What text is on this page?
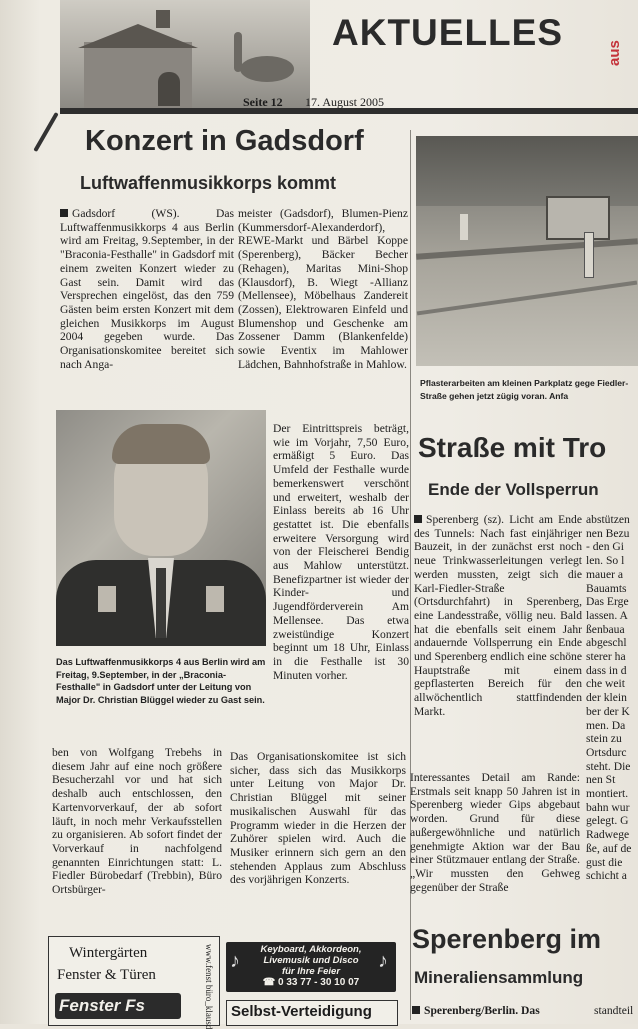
AKTUELLES
aus
Seite 12 17. August 2005
Konzert in Gadsdorf
Luftwaffenmusikkorps kommt
Gadsdorf (WS). Das Luftwaffenmusikkorps 4 aus Berlin wird am Freitag, 9.September, in der "Braconia-Festhalle" in Gadsdorf mit einem zweiten Konzert wieder zu Gast sein. Damit wird das Versprechen eingelöst, das den 759 Gästen beim ersten Konzert mit dem gleichen Musikkorps im August 2004 gegeben wurde. Das Organisationskomitee bereitet sich nach Anga-
meister (Gadsdorf), Blumen-Pienz (Kummersdorf-Alexanderdorf), REWE-Markt und Bärbel Koppe (Sperenberg), Bäcker Becher (Rehagen), Maritas Mini-Shop (Klausdorf), B. Wiegt -Allianz (Mellensee), Möbelhaus Zandereit (Zossen), Elektrowaren Einfeld und Blumenshop und Geschenke am Zossener Damm (Blankenfelde) sowie Eventix im Mahlower Lädchen, Bahnhofstraße in Mahlow.
Der Eintrittspreis beträgt, wie im Vorjahr, 7,50 Euro, ermäßigt 5 Euro. Das Umfeld der Festhalle wurde bemerkenswert verschönt und erweitert, weshalb der Einlass bereits ab 16 Uhr gestattet ist. Die ebenfalls erweitere Versorgung wird von der Fleischerei Bendig aus Mahlow unterstützt. Benefizpartner ist wieder der Kinder- und Jugendförderverein Am Mellensee. Das etwa zweistündige Konzert beginnt um 18 Uhr, Einlass in die Festhalle ist 30 Minuten vorher.
Das Luftwaffenmusikkorps 4 aus Berlin wird am Freitag, 9.September, in der „Braconia-Festhalle" in Gadsdorf unter der Leitung von Major Dr. Christian Blüggel wieder zu Gast sein.
ben von Wolfgang Trebehs in diesem Jahr auf eine noch größere Besucherzahl vor und hat sich deshalb auch entschlossen, den Kartenvorverkauf, der ab sofort läuft, in noch mehr Verkaufsstellen zu organisieren. Ab sofort findet der Vorverkauf in nachfolgend genannten Einrichtungen statt: L. Fiedler Bürobedarf (Trebbin), Büro Ortsbürger-
Das Organisationskomitee ist sich sicher, dass sich das Musikkorps unter Leitung von Major Dr. Christian Blüggel mit seiner musikalischen Auswahl für das Programm wieder in die Herzen der Zuhörer spielen wird. Auch die Musiker erinnern sich gern an den stehenden Applaus zum Abschluss des vorjährigen Konzerts.
Pflasterarbeiten am kleinen Parkplatz gege Fiedler-Straße gehen jetzt zügig voran. Anfa
Straße mit Tro
Ende der Vollsperrun
Sperenberg (sz). Licht am Ende des Tunnels: Nach fast einjähriger Bauzeit, in der zunächst erst noch neue Trinkwasserleitungen verlegt werden mussten, zeigt sich die Karl-Fiedler-Straße (Ortsdurchfahrt) in Sperenberg, eine Landesstraße, völlig neu. Bald hat die ebenfalls seit einem Jahr andauernde Vollsperrung ein Ende und Sperenberg endlich eine schöne Hauptstraße mit einem gepflasterten Bereich für den allwöchentlich stattfindenden Markt.
Interessantes Detail am Rande: Erstmals seit knapp 50 Jahren ist in Sperenberg wieder Gips abgebaut worden. Grund für diese außergewöhnliche und natürlich genehmigte Aktion war der Bau einer Stützmauer entlang der Straße. „Wir mussten den Gehweg gegenüber der Straße
abstützen
nen Bezu
- den Gi
len. So l
mauer a
Bauamts
Das Erge
lassen. A
ßenbaua
abgeschl
sterer ha
dass in d
che weit
der klein
ber der K
men. Da
stein zu
Ortsdurc
steht. Die
nen St
montiert.
bahn wur
gelegt. G
Radwege
ße, auf de
gust die
schicht a
Sperenberg im
Mineraliensammlung
Sperenberg/Berlin. Das	standteil
Wintergärten
Fenster & Türen
Fenster Fs	www.fenst büro_klausd	Keyboard, Akkordeon,
Livemusik und Disco
für Ihre Feier
☎ 0 33 77 - 30 10 07
♪	♪
Selbst-Verteidigung
